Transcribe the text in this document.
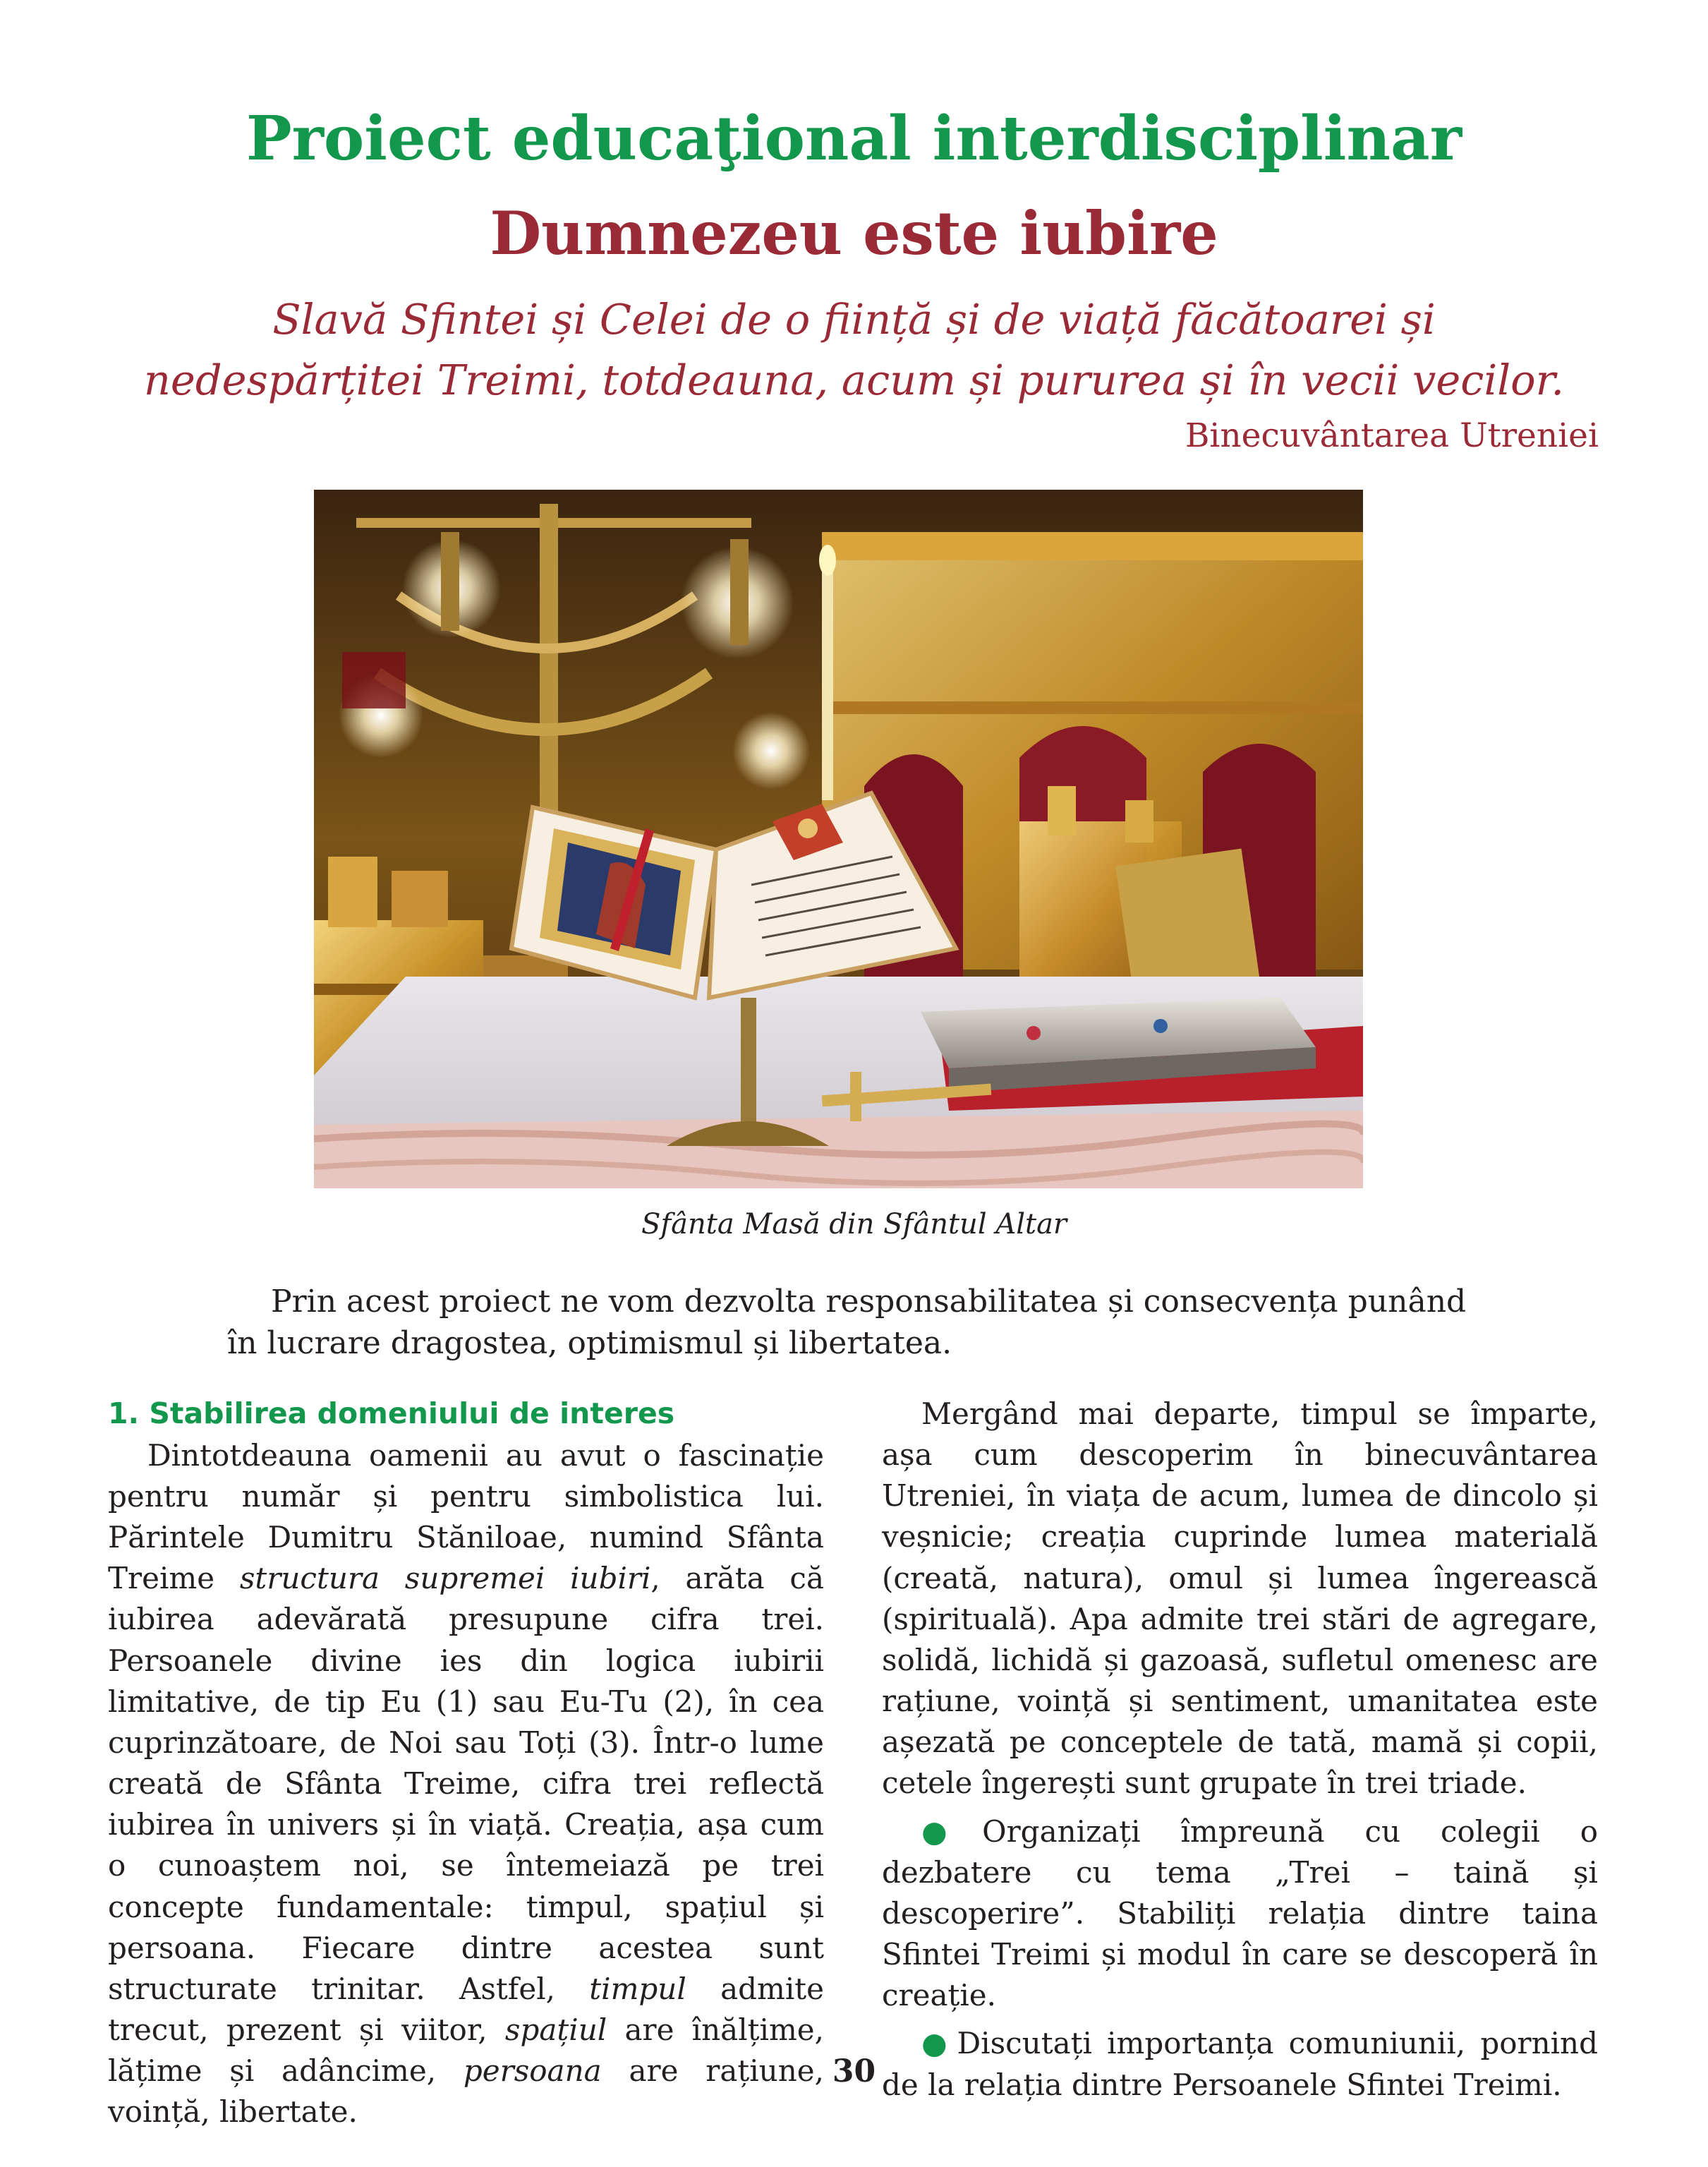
Proiect educaţional interdisciplinar
Dumnezeu este iubire
Slavă Sfintei și Celei de o ființă și de viață făcătoarei și
nedespărțitei Treimi, totdeauna, acum și pururea și în vecii vecilor.
Binecuvântarea Utreniei
Sfânta Masă din Sfântul Altar

Prin acest proiect ne vom dezvolta responsabilitatea și consecvența punând în lucrare dragostea, optimismul și libertatea.

1. Stabilirea domeniului de interes

Dintotdeauna oamenii au avut o fascinație pentru număr și pentru simbolistica lui. Părintele Dumitru Stăniloae, numind Sfânta Treime structura supremei iubiri, arăta că iubirea adevărată presupune cifra trei. Persoanele divine ies din logica iubirii limitative, de tip Eu (1) sau Eu-Tu (2), în cea cuprinzătoare, de Noi sau Toți (3). Într-o lume creată de Sfânta Treime, cifra trei reflectă iubirea în univers și în viață. Creația, așa cum o cunoaștem noi, se întemeiază pe trei concepte fundamentale: timpul, spațiul și persoana. Fiecare dintre acestea sunt structurate trinitar. Astfel, timpul admite trecut, prezent și viitor, spațiul are înălțime, lățime și adâncime, persoana are rațiune, voință, libertate.

Mergând mai departe, timpul se împarte, așa cum descoperim în binecuvântarea Utreniei, în viața de acum, lumea de dincolo și veșnicie; creația cuprinde lumea materială (creată, natura), omul și lumea îngerească (spirituală). Apa admite trei stări de agregare, solidă, lichidă și gazoasă, sufletul omenesc are rațiune, voință și sentiment, umanitatea este așezată pe conceptele de tată, mamă și copii, cetele îngerești sunt grupate în trei triade.

● Organizați împreună cu colegii o dezbatere cu tema „Trei – taină și descoperire”. Stabiliți relația dintre taina Sfintei Treimi și modul în care se descoperă în creație.

● Discutați importanța comuniunii, pornind de la relația dintre Persoanele Sfintei Treimi.

30
